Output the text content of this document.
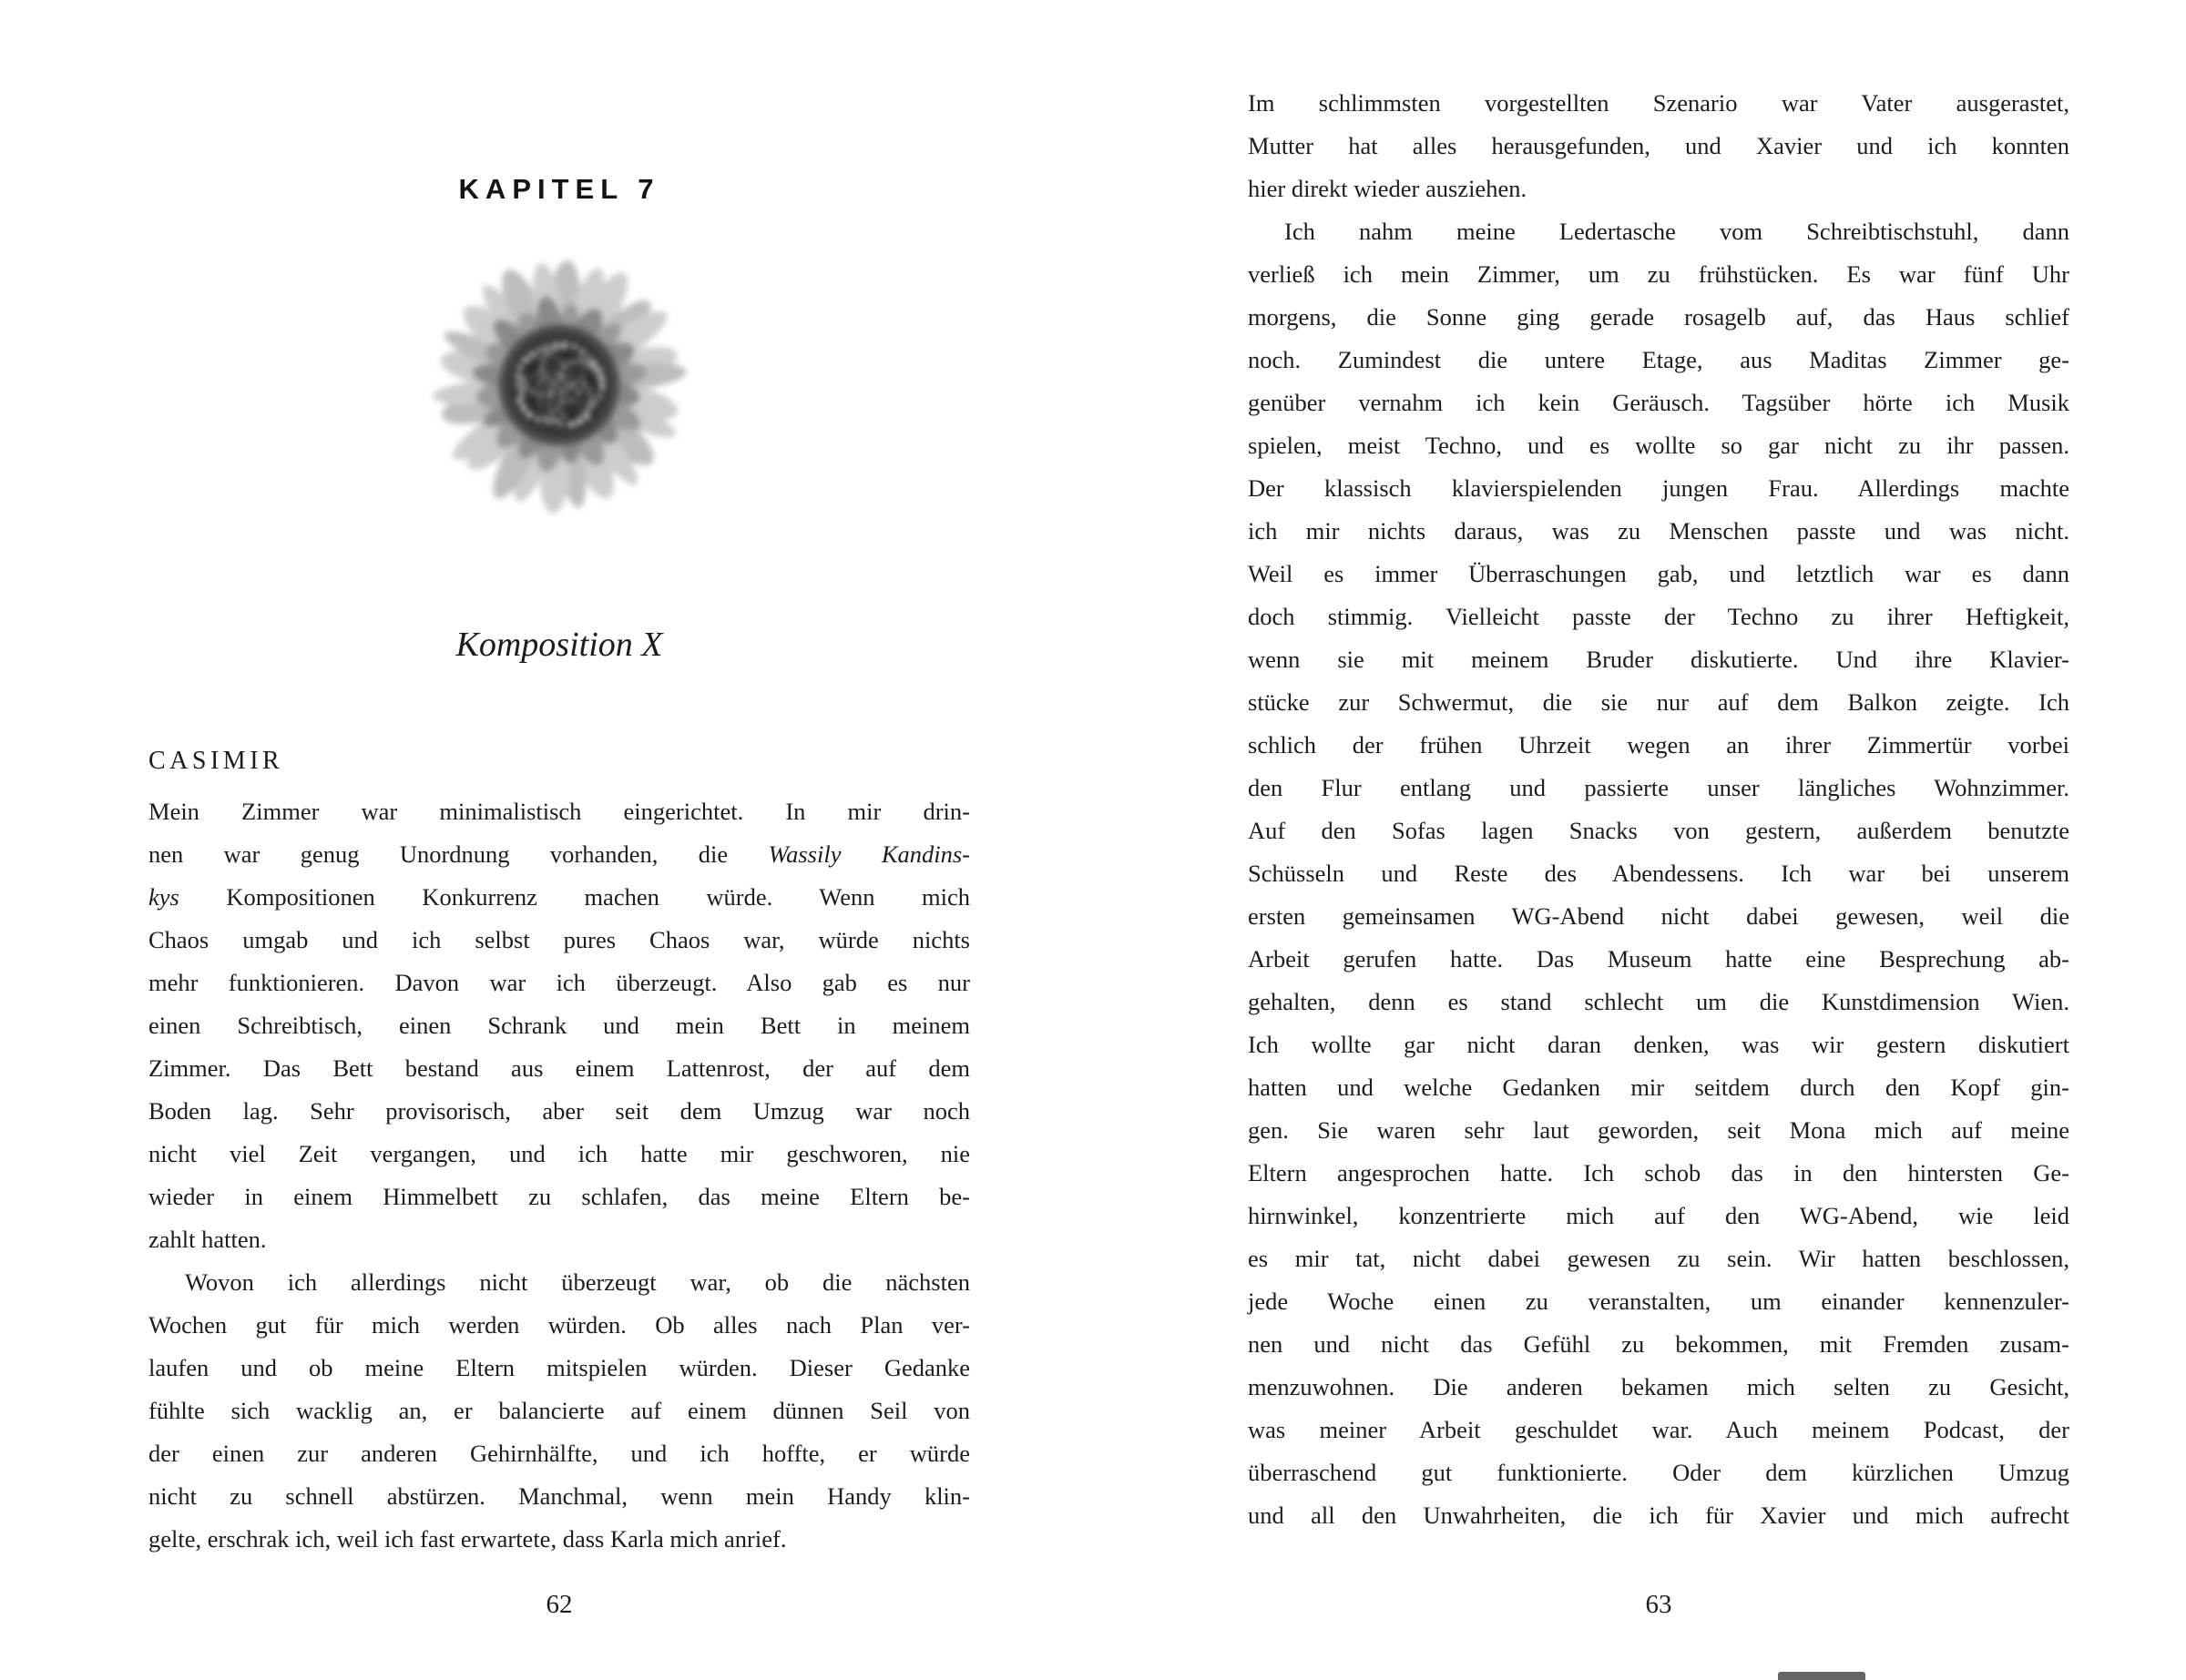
KAPITEL 7
Komposition X
CASIMIR
Mein Zimmer war minimalistisch eingerichtet. In mir drin-
nen war genug Unordnung vorhanden, die Wassily Kandins-
kys Kompositionen Konkurrenz machen würde. Wenn mich
Chaos umgab und ich selbst pures Chaos war, würde nichts
mehr funktionieren. Davon war ich überzeugt. Also gab es nur
einen Schreibtisch, einen Schrank und mein Bett in meinem
Zimmer. Das Bett bestand aus einem Lattenrost, der auf dem
Boden lag. Sehr provisorisch, aber seit dem Umzug war noch
nicht viel Zeit vergangen, und ich hatte mir geschworen, nie
wieder in einem Himmelbett zu schlafen, das meine Eltern be-
zahlt hatten.
Wovon ich allerdings nicht überzeugt war, ob die nächsten
Wochen gut für mich werden würden. Ob alles nach Plan ver-
laufen und ob meine Eltern mitspielen würden. Dieser Gedanke
fühlte sich wacklig an, er balancierte auf einem dünnen Seil von
der einen zur anderen Gehirnhälfte, und ich hoffte, er würde
nicht zu schnell abstürzen. Manchmal, wenn mein Handy klin-
gelte, erschrak ich, weil ich fast erwartete, dass Karla mich anrief.
62
Im schlimmsten vorgestellten Szenario war Vater ausgerastet,
Mutter hat alles herausgefunden, und Xavier und ich konnten
hier direkt wieder ausziehen.
Ich nahm meine Ledertasche vom Schreibtischstuhl, dann
verließ ich mein Zimmer, um zu frühstücken. Es war fünf Uhr
morgens, die Sonne ging gerade rosagelb auf, das Haus schlief
noch. Zumindest die untere Etage, aus Maditas Zimmer ge-
genüber vernahm ich kein Geräusch. Tagsüber hörte ich Musik
spielen, meist Techno, und es wollte so gar nicht zu ihr passen.
Der klassisch klavierspielenden jungen Frau. Allerdings machte
ich mir nichts daraus, was zu Menschen passte und was nicht.
Weil es immer Überraschungen gab, und letztlich war es dann
doch stimmig. Vielleicht passte der Techno zu ihrer Heftigkeit,
wenn sie mit meinem Bruder diskutierte. Und ihre Klavier-
stücke zur Schwermut, die sie nur auf dem Balkon zeigte. Ich
schlich der frühen Uhrzeit wegen an ihrer Zimmertür vorbei
den Flur entlang und passierte unser längliches Wohnzimmer.
Auf den Sofas lagen Snacks von gestern, außerdem benutzte
Schüsseln und Reste des Abendessens. Ich war bei unserem
ersten gemeinsamen WG-Abend nicht dabei gewesen, weil die
Arbeit gerufen hatte. Das Museum hatte eine Besprechung ab-
gehalten, denn es stand schlecht um die Kunstdimension Wien.
Ich wollte gar nicht daran denken, was wir gestern diskutiert
hatten und welche Gedanken mir seitdem durch den Kopf gin-
gen. Sie waren sehr laut geworden, seit Mona mich auf meine
Eltern angesprochen hatte. Ich schob das in den hintersten Ge-
hirnwinkel, konzentrierte mich auf den WG-Abend, wie leid
es mir tat, nicht dabei gewesen zu sein. Wir hatten beschlossen,
jede Woche einen zu veranstalten, um einander kennenzuler-
nen und nicht das Gefühl zu bekommen, mit Fremden zusam-
menzuwohnen. Die anderen bekamen mich selten zu Gesicht,
was meiner Arbeit geschuldet war. Auch meinem Podcast, der
überraschend gut funktionierte. Oder dem kürzlichen Umzug
und all den Unwahrheiten, die ich für Xavier und mich aufrecht
63
